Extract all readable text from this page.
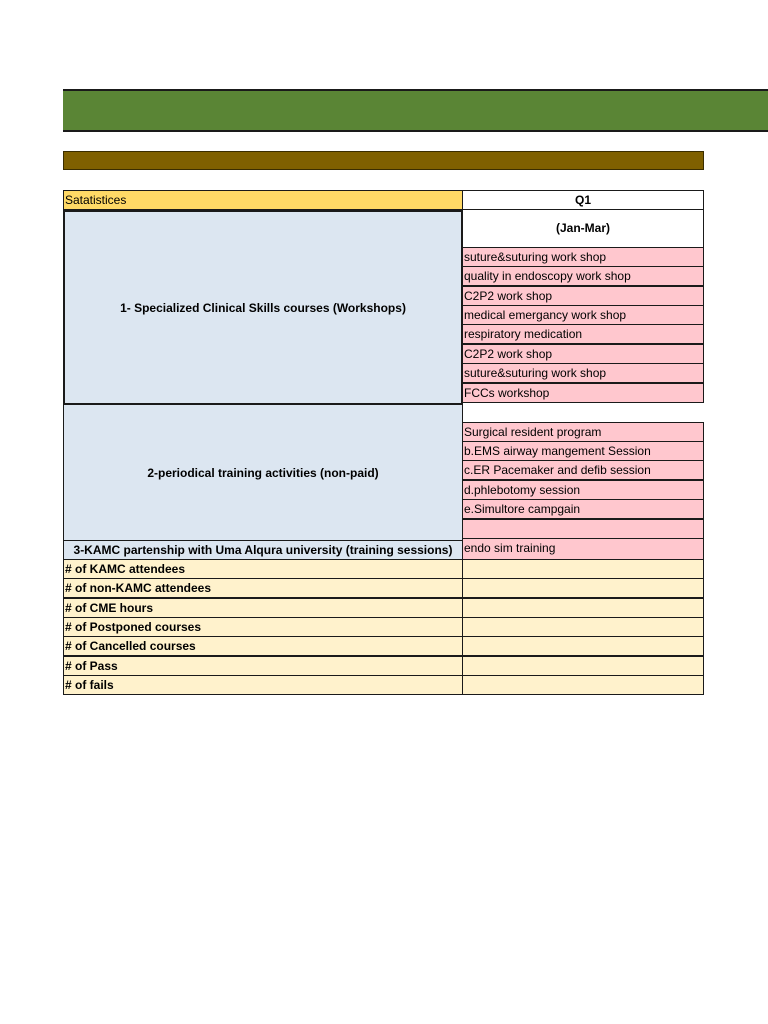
Satatistices	Q1
(Jan-Mar)
1- Specialized Clinical Skills courses (Workshops)
suture&suturing work shop
quality in endoscopy work shop
C2P2 work shop
medical emergancy work shop
respiratory medication
C2P2 work shop
suture&suturing work shop
FCCs workshop
2-periodical training activities (non-paid)
Surgical resident program
b.EMS airway mangement Session
c.ER Pacemaker and defib session
d.phlebotomy session
e.Simultore campgain
3-KAMC partenship with Uma Alqura university (training sessions) endo sim training
# of KAMC attendees
# of non-KAMC attendees
# of CME hours
# of Postponed courses
# of Cancelled courses
# of Pass
# of fails
